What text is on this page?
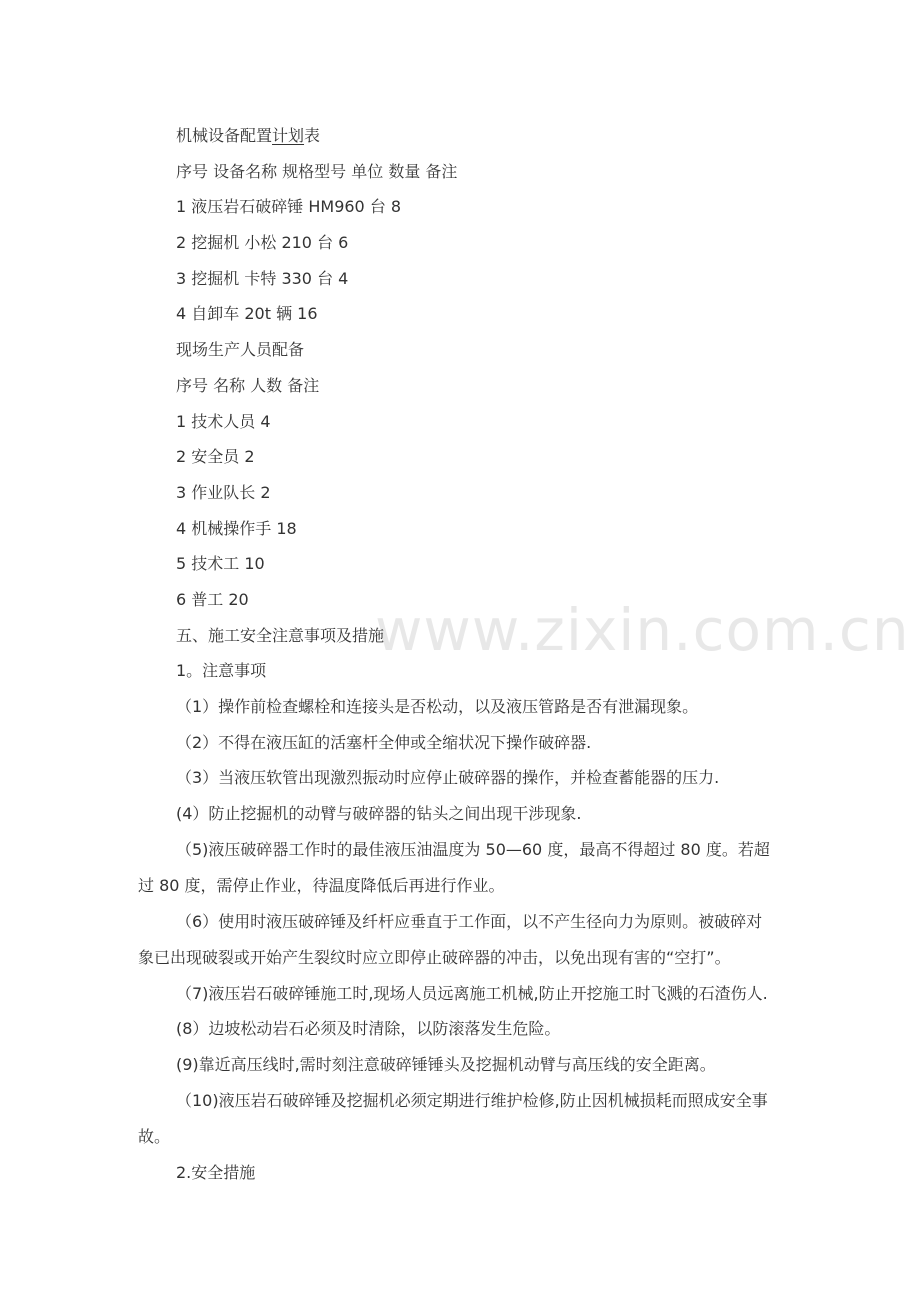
www.zixin.com.cn

机械设备配置计划表

序号 设备名称 规格型号 单位 数量 备注

1 液压岩石破碎锤 HM960 台 8

2 挖掘机 小松 210 台 6

3 挖掘机 卡特 330 台 4

4 自卸车 20t 辆 16

现场生产人员配备

序号 名称 人数 备注

1 技术人员 4

2 安全员 2

3 作业队长 2

4 机械操作手 18

5 技术工 10

6 普工 20

五、施工安全注意事项及措施

1。注意事项

（1）操作前检查螺栓和连接头是否松动，以及液压管路是否有泄漏现象。

（2）不得在液压缸的活塞杆全伸或全缩状况下操作破碎器.

（3）当液压软管出现激烈振动时应停止破碎器的操作，并检查蓄能器的压力.

(4）防止挖掘机的动臂与破碎器的钻头之间出现干涉现象.

（5)液压破碎器工作时的最佳液压油温度为 50—60 度，最高不得超过 80 度。若超过 80 度，需停止作业，待温度降低后再进行作业。

（6）使用时液压破碎锤及纤杆应垂直于工作面，以不产生径向力为原则。被破碎对象已出现破裂或开始产生裂纹时应立即停止破碎器的冲击，以免出现有害的“空打”。

（7)液压岩石破碎锤施工时,现场人员远离施工机械,防止开挖施工时飞溅的石渣伤人.

(8）边坡松动岩石必须及时清除，以防滚落发生危险。

(9)靠近高压线时,需时刻注意破碎锤锤头及挖掘机动臂与高压线的安全距离。

（10)液压岩石破碎锤及挖掘机必须定期进行维护检修,防止因机械损耗而照成安全事故。

2.安全措施
